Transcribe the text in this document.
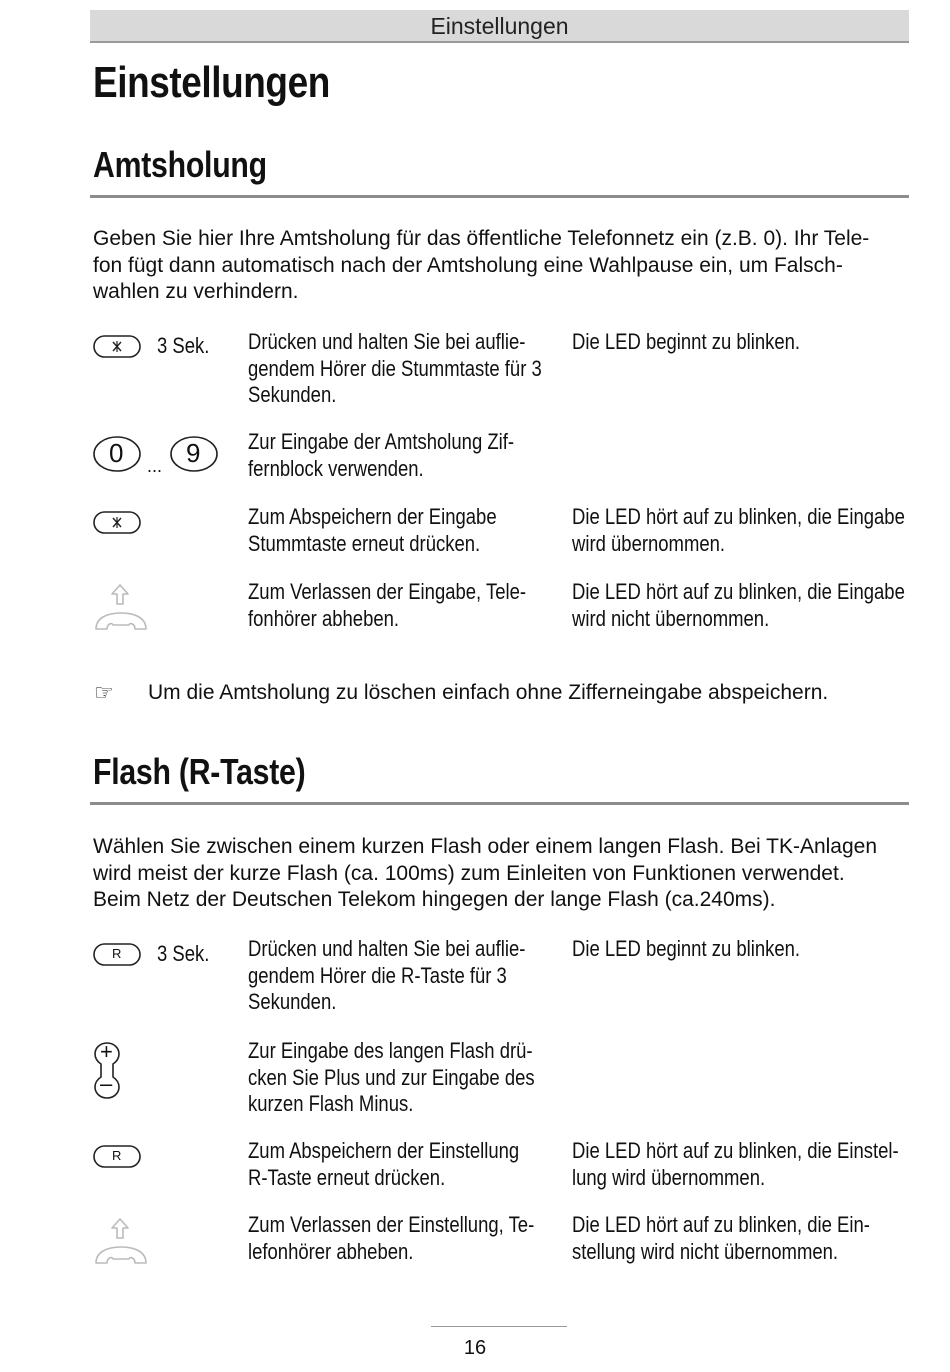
Einstellungen
Einstellungen
Amtsholung
Geben Sie hier Ihre Amtsholung für das öffentliche Telefonnetz ein (z.B. 0). Ihr Tele-
fon fügt dann automatisch nach der Amtsholung eine Wahlpause ein, um Falsch-
wahlen zu verhindern.
3 Sek. Drücken und halten Sie bei auflie-
gendem Hörer die Stummtaste für 3
Sekunden.
Die LED beginnt zu blinken.
0 9
...
Zur Eingabe der Amtsholung Zif-
fernblock verwenden.
Zum Abspeichern der Eingabe
Stummtaste erneut drücken.
Die LED hört auf zu blinken, die Eingabe
wird übernommen.
Zum Verlassen der Eingabe, Tele-
fonhörer abheben.
Die LED hört auf zu blinken, die Eingabe
wird nicht übernommen.
☞ Um die Amtsholung zu löschen einfach ohne Zifferneingabe abspeichern.
Flash (R-Taste)
Wählen Sie zwischen einem kurzen Flash oder einem langen Flash. Bei TK-Anlagen
wird meist der kurze Flash (ca. 100ms) zum Einleiten von Funktionen verwendet.
Beim Netz der Deutschen Telekom hingegen der lange Flash (ca.240ms).
R 3 Sek. Drücken und halten Sie bei auflie-
gendem Hörer die R-Taste für 3
Sekunden.
Die LED beginnt zu blinken.
+
–
Zur Eingabe des langen Flash drü-
cken Sie Plus und zur Eingabe des
kurzen Flash Minus.
R	Zum Abspeichern der Einstellung
R-Taste erneut drücken.
Die LED hört auf zu blinken, die Einstel-
lung wird übernommen.
Zum Verlassen der Einstellung, Te-
lefonhörer abheben.
Die LED hört auf zu blinken, die Ein-
stellung wird nicht übernommen.
16
